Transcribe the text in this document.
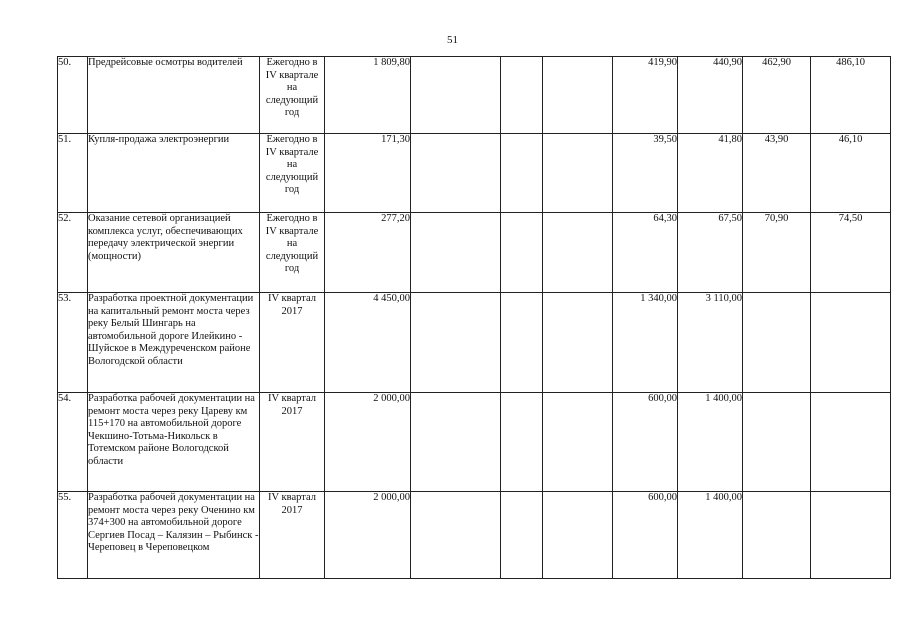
51
50.	Предрейсовые осмотры водителей	Ежегодно в IV квартале на следующий год	1 809,80				419,90	440,90	462,90	486,10
51.	Купля-продажа электроэнергии	Ежегодно в IV квартале на следующий год	171,30				39,50	41,80	43,90	46,10
52.	Оказание сетевой организацией комплекса услуг, обеспечивающих передачу электрической энергии (мощности)	Ежегодно в IV квартале на следующий год	277,20				64,30	67,50	70,90	74,50
53.	Разработка проектной документации на капитальный ремонт моста через реку Белый Шингарь на автомобильной дороге Илейкино - Шуйское в Междуреченском районе Вологодской области	IV квартал 2017	4 450,00				1 340,00	3 110,00		
54.	Разработка рабочей документации на ремонт моста через реку Цареву км 115+170 на автомобильной дороге Чекшино-Тотьма-Никольск в Тотемском районе Вологодской области	IV квартал 2017	2 000,00				600,00	1 400,00		
55.	Разработка рабочей документации на ремонт моста через реку Оченино км 374+300 на автомобильной дороге Сергиев Посад – Калязин – Рыбинск - Череповец в Череповецком	IV квартал 2017	2 000,00				600,00	1 400,00		
